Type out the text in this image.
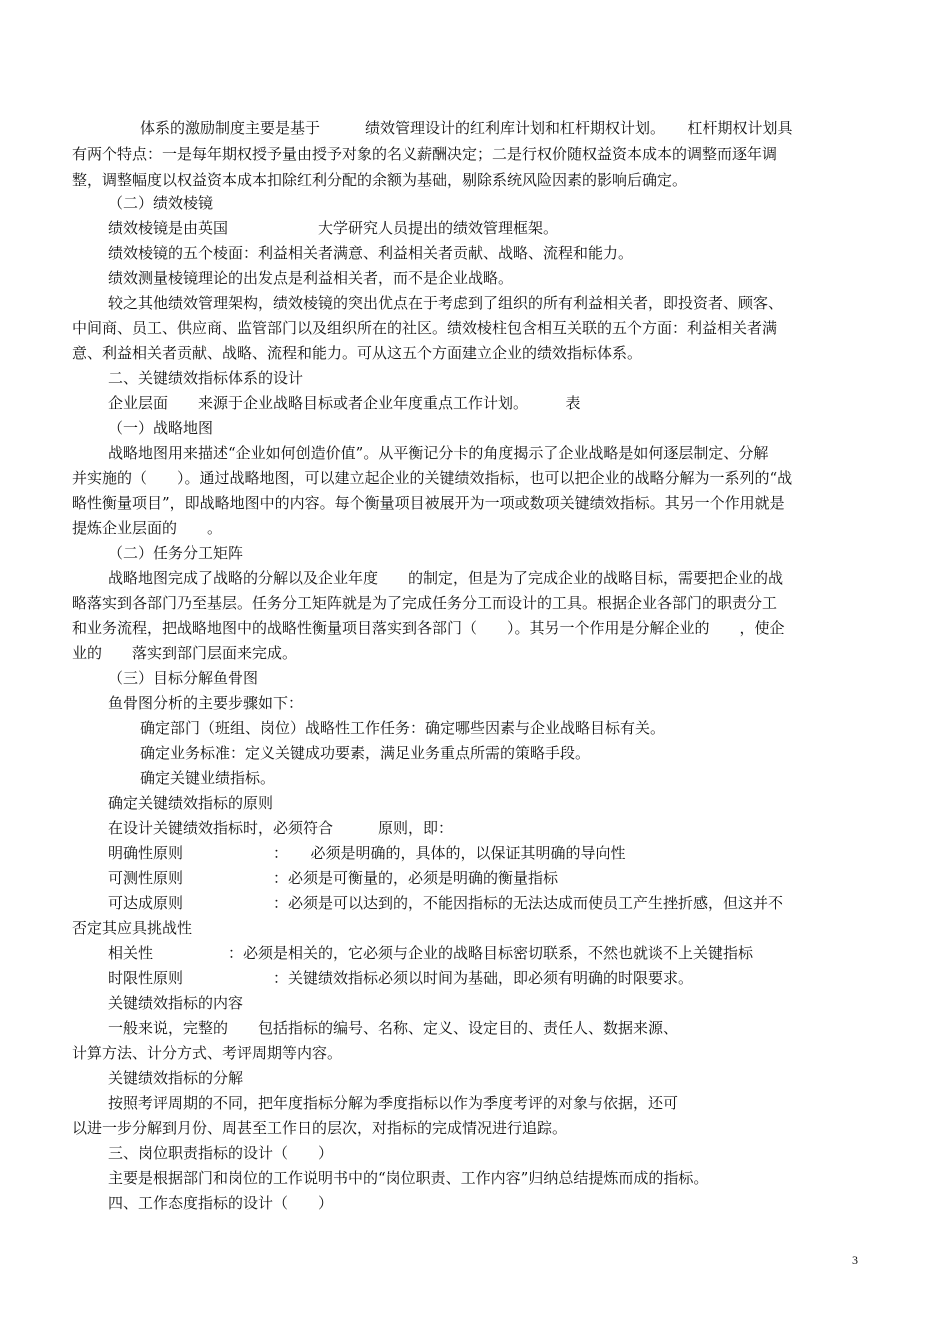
体系的激励制度主要是基于　　　绩效管理设计的红利库计划和杠杆期权计划。　　杠杆期权计划具
有两个特点：一是每年期权授予量由授予对象的名义薪酬决定；二是行权价随权益资本成本的调整而逐年调
整，调整幅度以权益资本成本扣除红利分配的余额为基础，剔除系统风险因素的影响后确定。
（二）绩效棱镜
绩效棱镜是由英国　　　　　　大学研究人员提出的绩效管理框架。
绩效棱镜的五个棱面：利益相关者满意、利益相关者贡献、战略、流程和能力。
绩效测量棱镜理论的出发点是利益相关者，而不是企业战略。
较之其他绩效管理架构，绩效棱镜的突出优点在于考虑到了组织的所有利益相关者，即投资者、顾客、
中间商、员工、供应商、监管部门以及组织所在的社区。绩效棱柱包含相互关联的五个方面：利益相关者满
意、利益相关者贡献、战略、流程和能力。可从这五个方面建立企业的绩效指标体系。
二、关键绩效指标体系的设计
企业层面　　来源于企业战略目标或者企业年度重点工作计划。　　　表
（一）战略地图
战略地图用来描述“企业如何创造价值”。从平衡记分卡的角度揭示了企业战略是如何逐层制定、分解
并实施的（　　）。通过战略地图，可以建立起企业的关键绩效指标，也可以把企业的战略分解为一系列的“战
略性衡量项目”，即战略地图中的内容。每个衡量项目被展开为一项或数项关键绩效指标。其另一个作用就是
提炼企业层面的　　。
（二）任务分工矩阵
战略地图完成了战略的分解以及企业年度　　的制定，但是为了完成企业的战略目标，需要把企业的战
略落实到各部门乃至基层。任务分工矩阵就是为了完成任务分工而设计的工具。根据企业各部门的职责分工
和业务流程，把战略地图中的战略性衡量项目落实到各部门（　　）。其另一个作用是分解企业的　　，使企
业的　　落实到部门层面来完成。
（三）目标分解鱼骨图
鱼骨图分析的主要步骤如下：
确定部门（班组、岗位）战略性工作任务：确定哪些因素与企业战略目标有关。
确定业务标准：定义关键成功要素，满足业务重点所需的策略手段。
确定关键业绩指标。
确定关键绩效指标的原则
在设计关键绩效指标时，必须符合　　　原则，即：
明确性原则　　　　　　：　　必须是明确的，具体的，以保证其明确的导向性
可测性原则　　　　　　：必须是可衡量的，必须是明确的衡量指标
可达成原则　　　　　　：必须是可以达到的，不能因指标的无法达成而使员工产生挫折感，但这并不
否定其应具挑战性
相关性　　　　　：必须是相关的，它必须与企业的战略目标密切联系，不然也就谈不上关键指标
时限性原则　　　　　　：关键绩效指标必须以时间为基础，即必须有明确的时限要求。
关键绩效指标的内容
一般来说，完整的　　包括指标的编号、名称、定义、设定目的、责任人、数据来源、
计算方法、计分方式、考评周期等内容。
关键绩效指标的分解
按照考评周期的不同，把年度指标分解为季度指标以作为季度考评的对象与依据，还可
以进一步分解到月份、周甚至工作日的层次，对指标的完成情况进行追踪。
三、岗位职责指标的设计（　　）
主要是根据部门和岗位的工作说明书中的“岗位职责、工作内容”归纳总结提炼而成的指标。
四、工作态度指标的设计（　　）
3
